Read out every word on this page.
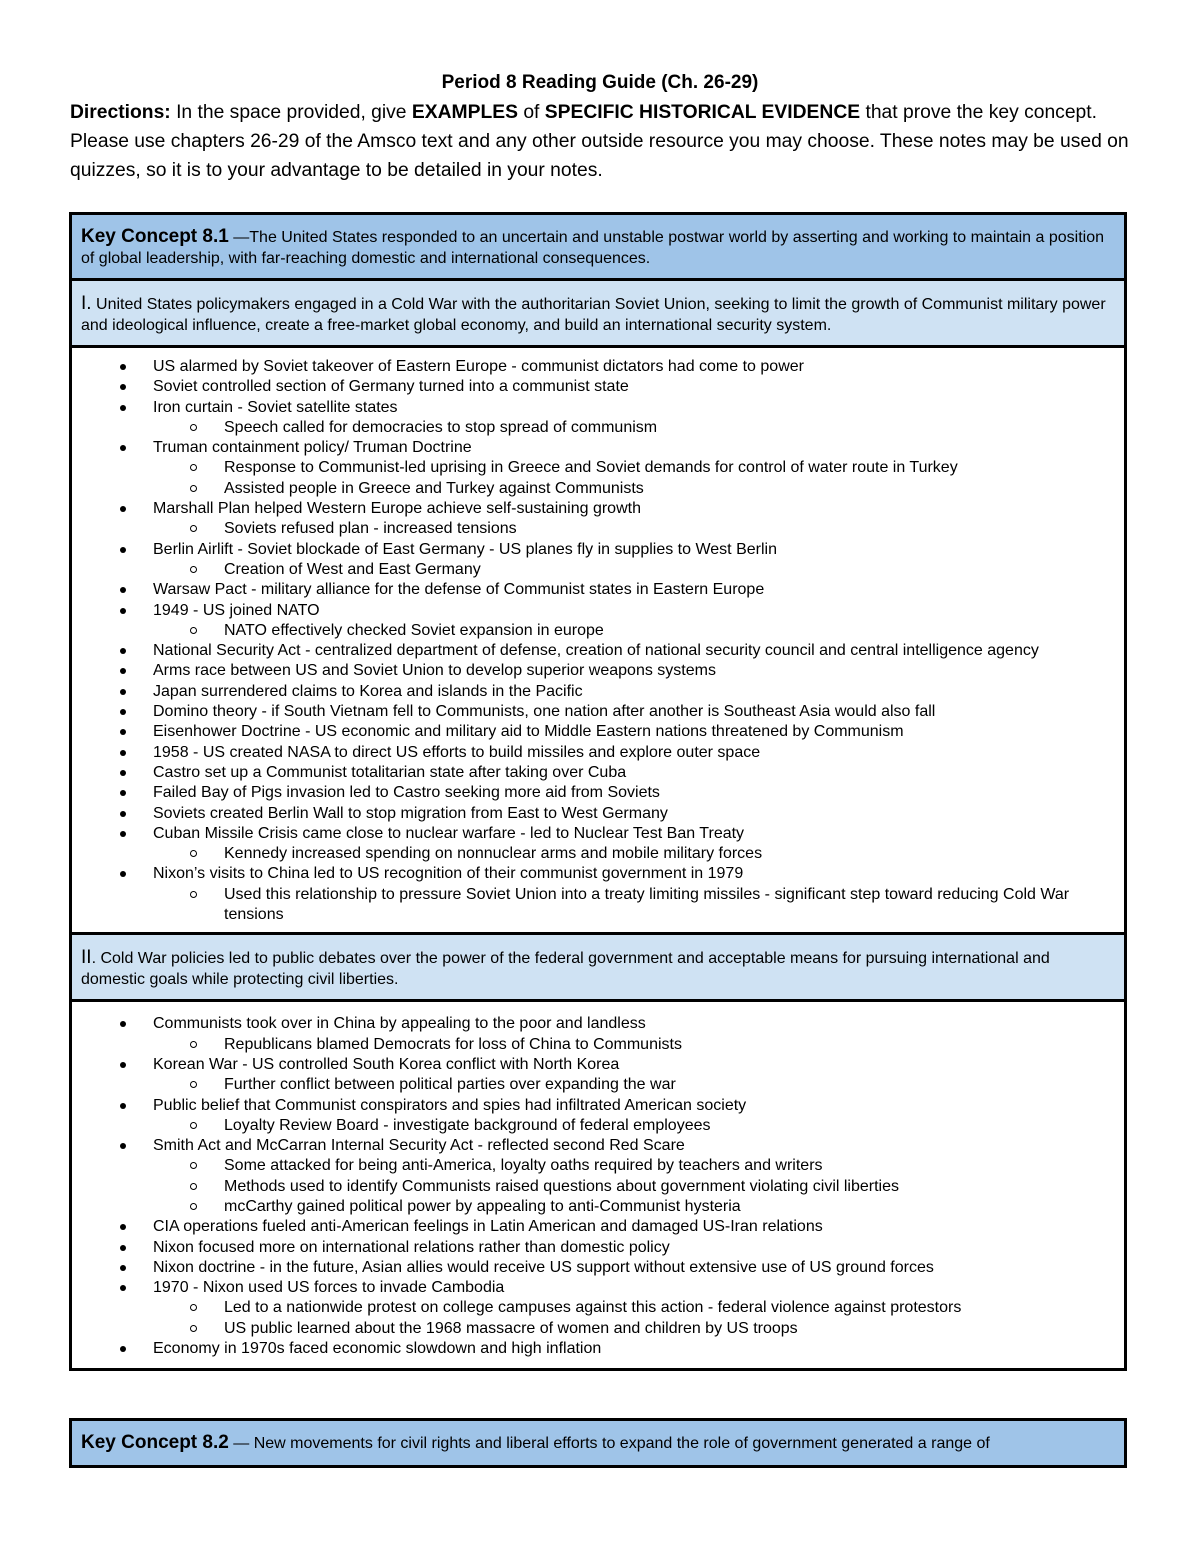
Period 8 Reading Guide (Ch. 26-29)
Directions: In the space provided, give EXAMPLES of SPECIFIC HISTORICAL EVIDENCE that prove the key concept. Please use chapters 26-29 of the Amsco text and any other outside resource you may choose. These notes may be used on quizzes, so it is to your advantage to be detailed in your notes.
Key Concept 8.1 —The United States responded to an uncertain and unstable postwar world by asserting and working to maintain a position of global leadership, with far-reaching domestic and international consequences.
I. United States policymakers engaged in a Cold War with the authoritarian Soviet Union, seeking to limit the growth of Communist military power and ideological influence, create a free-market global economy, and build an international security system.
US alarmed by Soviet takeover of Eastern Europe - communist dictators had come to power
Soviet controlled section of Germany turned into a communist state
Iron curtain - Soviet satellite states
Speech called for democracies to stop spread of communism
Truman containment policy/ Truman Doctrine
Response to Communist-led uprising in Greece and Soviet demands for control of water route in Turkey
Assisted people in Greece and Turkey against Communists
Marshall Plan helped Western Europe achieve self-sustaining growth
Soviets refused plan - increased tensions
Berlin Airlift - Soviet blockade of East Germany - US planes fly in supplies to West Berlin
Creation of West and East Germany
Warsaw Pact - military alliance for the defense of Communist states in Eastern Europe
1949 - US joined NATO
NATO effectively checked Soviet expansion in europe
National Security Act - centralized department of defense, creation of national security council and central intelligence agency
Arms race between US and Soviet Union to develop superior weapons systems
Japan surrendered claims to Korea and islands in the Pacific
Domino theory - if South Vietnam fell to Communists, one nation after another is Southeast Asia would also fall
Eisenhower Doctrine - US economic and military aid to Middle Eastern nations threatened by Communism
1958 - US created NASA to direct US efforts to build missiles and explore outer space
Castro set up a Communist totalitarian state after taking over Cuba
Failed Bay of Pigs invasion led to Castro seeking more aid from Soviets
Soviets created Berlin Wall to stop migration from East to West Germany
Cuban Missile Crisis came close to nuclear warfare - led to Nuclear Test Ban Treaty
Kennedy increased spending on nonnuclear arms and mobile military forces
Nixon’s visits to China led to US recognition of their communist government in 1979
Used this relationship to pressure Soviet Union into a treaty limiting missiles - significant step toward reducing Cold War tensions
II. Cold War policies led to public debates over the power of the federal government and acceptable means for pursuing international and domestic goals while protecting civil liberties.
Communists took over in China by appealing to the poor and landless
Republicans blamed Democrats for loss of China to Communists
Korean War - US controlled South Korea conflict with North Korea
Further conflict between political parties over expanding the war
Public belief that Communist conspirators and spies had infiltrated American society
Loyalty Review Board - investigate background of federal employees
Smith Act and McCarran Internal Security Act - reflected second Red Scare
Some attacked for being anti-America, loyalty oaths required by teachers and writers
Methods used to identify Communists raised questions about government violating civil liberties
mcCarthy gained political power by appealing to anti-Communist hysteria
CIA operations fueled anti-American feelings in Latin American and damaged US-Iran relations
Nixon focused more on international relations rather than domestic policy
Nixon doctrine - in the future, Asian allies would receive US support without extensive use of US ground forces
1970 - Nixon used US forces to invade Cambodia
Led to a nationwide protest on college campuses against this action - federal violence against protestors
US public learned about the 1968 massacre of women and children by US troops
Economy in 1970s faced economic slowdown and high inflation
Key Concept 8.2 — New movements for civil rights and liberal efforts to expand the role of government generated a range of
